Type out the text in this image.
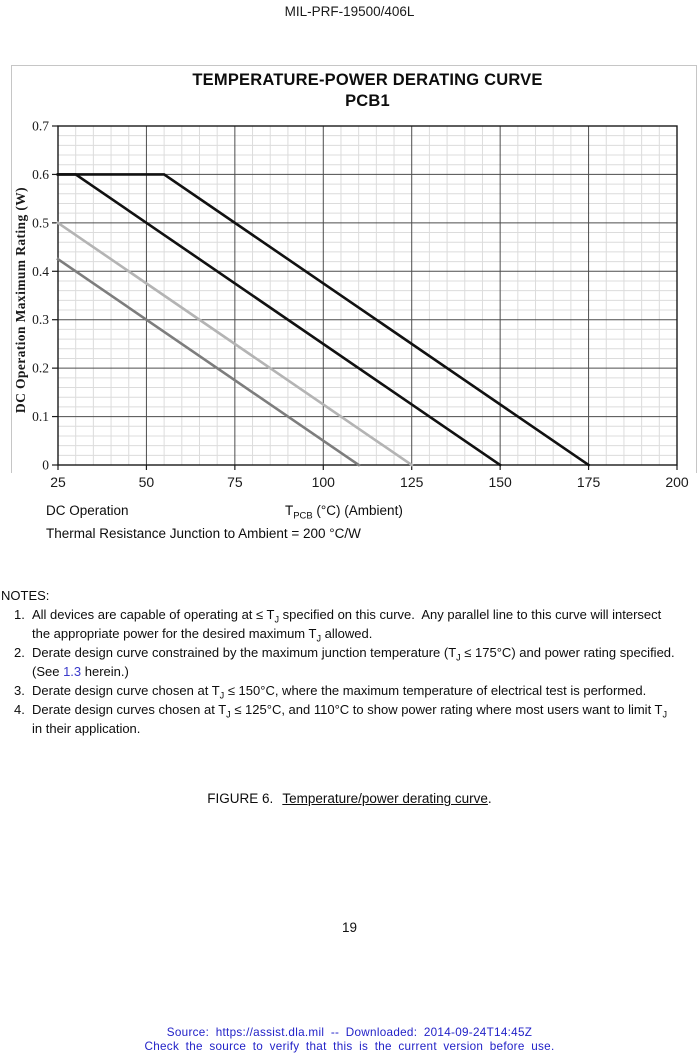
MIL-PRF-19500/406L
TEMPERATURE-POWER DERATING CURVE
PCB1
25	50	75	100	125	150	175	200
0
0.1
0.2
0.3
0.4
0.5
0.6
0.7
DC Operation Maximum Rating (W)
DC Operation	$T_{PCB}$ (°C) (Ambient)
Thermal Resistance Junction to Ambient = 200 °C/W
NOTES:
1. All devices are capable of operating at ≤ $T_J$ specified on this curve.  Any parallel line to this curve will intersect
the appropriate power for the desired maximum $T_J$ allowed.
2. Derate design curve constrained by the maximum junction temperature $(T_J \le 175^\circ C)$ and power rating specified.
(See 1.3 herein.)
3. Derate design curve chosen at $T_J \le 150^\circ C$, where the maximum temperature of electrical test is performed.
4. Derate design curves chosen at $T_J \le 125^\circ C$, and 110°C to show power rating where most users want to limit $T_J$
in their application.
FIGURE 6. Temperature/power derating curve.
19
Source: https://assist.dla.mil -- Downloaded: 2014-09-24T14:45Z
Check the source to verify that this is the current version before use.
